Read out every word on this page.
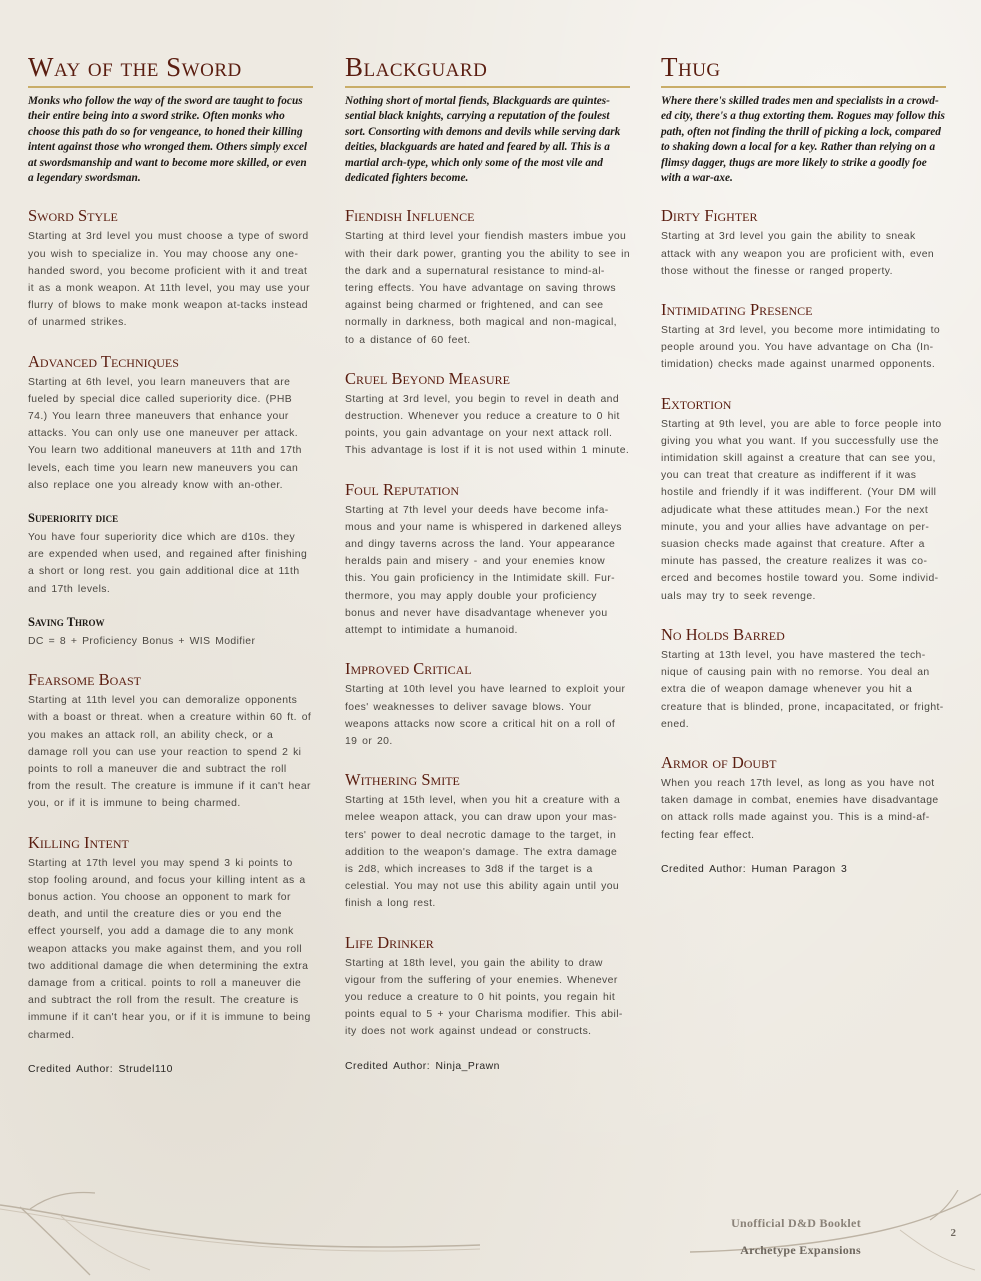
Way of the Sword

Monks who follow the way of the sword are taught to focus their entire being into a sword strike. Often monks who choose this path do so for vengeance, to honed their killing intent against those who wronged them. Others simply excel at swordsmanship and want to become more skilled, or even a legendary swordsman.

Sword Style

Starting at 3rd level you must choose a type of sword you wish to specialize in. You may choose any one-handed sword, you become proficient with it and treat it as a monk weapon. At 11th level, you may use your flurry of blows to make monk weapon at-tacks instead of unarmed strikes.

Advanced Techniques

Starting at 6th level, you learn maneuvers that are fueled by special dice called superiority dice. (PHB 74.) You learn three maneuvers that enhance your attacks. You can only use one maneuver per attack. You learn two additional maneuvers at 11th and 17th levels, each time you learn new maneuvers you can also replace one you already know with an-other.

Superiority dice

You have four superiority dice which are d10s. they are expended when used, and regained after finishing a short or long rest. you gain additional dice at 11th and 17th levels.

Saving Throw

DC = 8 + Proficiency Bonus + WIS Modifier

Fearsome Boast

Starting at 11th level you can demoralize opponents with a boast or threat. when a creature within 60 ft. of you makes an attack roll, an ability check, or a damage roll you can use your reaction to spend 2 ki points to roll a maneuver die and subtract the roll from the result. The creature is immune if it can't hear you, or if it is immune to being charmed.

Killing Intent

Starting at 17th level you may spend 3 ki points to stop fooling around, and focus your killing intent as a bonus action. You choose an opponent to mark for death, and until the creature dies or you end the effect yourself, you add a damage die to any monk weapon attacks you make against them, and you roll two additional damage die when determining the extra damage from a critical. points to roll a maneuver die and subtract the roll from the result. The creature is immune if it can't hear you, or if it is immune to being charmed.

Credited Author: Strudel110

Blackguard

Nothing short of mortal fiends, Blackguards are quintes-sential black knights, carrying a reputation of the foulest sort. Consorting with demons and devils while serving dark deities, blackguards are hated and feared by all. This is a martial arch-type, which only some of the most vile and dedicated fighters become.

Fiendish Influence

Starting at third level your fiendish masters imbue you with their dark power, granting you the ability to see in the dark and a supernatural resistance to mind-al-tering effects. You have advantage on saving throws against being charmed or frightened, and can see normally in darkness, both magical and non-magical, to a distance of 60 feet.

Cruel Beyond Measure

Starting at 3rd level, you begin to revel in death and destruction. Whenever you reduce a creature to 0 hit points, you gain advantage on your next attack roll. This advantage is lost if it is not used within 1 minute.

Foul Reputation

Starting at 7th level your deeds have become infa-mous and your name is whispered in darkened alleys and dingy taverns across the land. Your appearance heralds pain and misery - and your enemies know this. You gain proficiency in the Intimidate skill. Fur-thermore, you may apply double your proficiency bonus and never have disadvantage whenever you attempt to intimidate a humanoid.

Improved Critical

Starting at 10th level you have learned to exploit your foes' weaknesses to deliver savage blows. Your weapons attacks now score a critical hit on a roll of 19 or 20.

Withering Smite

Starting at 15th level, when you hit a creature with a melee weapon attack, you can draw upon your mas-ters' power to deal necrotic damage to the target, in addition to the weapon's damage. The extra damage is 2d8, which increases to 3d8 if the target is a celestial. You may not use this ability again until you finish a long rest.

Life Drinker

Starting at 18th level, you gain the ability to draw vigour from the suffering of your enemies. Whenever you reduce a creature to 0 hit points, you regain hit points equal to 5 + your Charisma modifier. This abil-ity does not work against undead or constructs.

Credited Author: Ninja_Prawn

Thug

Where there's skilled trades men and specialists in a crowd-ed city, there's a thug extorting them. Rogues may follow this path, often not finding the thrill of picking a lock, compared to shaking down a local for a key. Rather than relying on a flimsy dagger, thugs are more likely to strike a goodly foe with a war-axe.

Dirty Fighter

Starting at 3rd level you gain the ability to sneak attack with any weapon you are proficient with, even those without the finesse or ranged property.

Intimidating Presence

Starting at 3rd level, you become more intimidating to people around you. You have advantage on Cha (In-timidation) checks made against unarmed opponents.

Extortion

Starting at 9th level, you are able to force people into giving you what you want. If you successfully use the intimidation skill against a creature that can see you, you can treat that creature as indifferent if it was hostile and friendly if it was indifferent. (Your DM will adjudicate what these attitudes mean.) For the next minute, you and your allies have advantage on per-suasion checks made against that creature. After a minute has passed, the creature realizes it was co-erced and becomes hostile toward you. Some individ-uals may try to seek revenge.

No Holds Barred

Starting at 13th level, you have mastered the tech-nique of causing pain with no remorse. You deal an extra die of weapon damage whenever you hit a creature that is blinded, prone, incapacitated, or fright-ened.

Armor of Doubt

When you reach 17th level, as long as you have not taken damage in combat, enemies have disadvantage on attack rolls made against you. This is a mind-af-fecting fear effect.

Credited Author: Human Paragon 3

Unofficial D&D Booklet
Archetype Expansions
2
